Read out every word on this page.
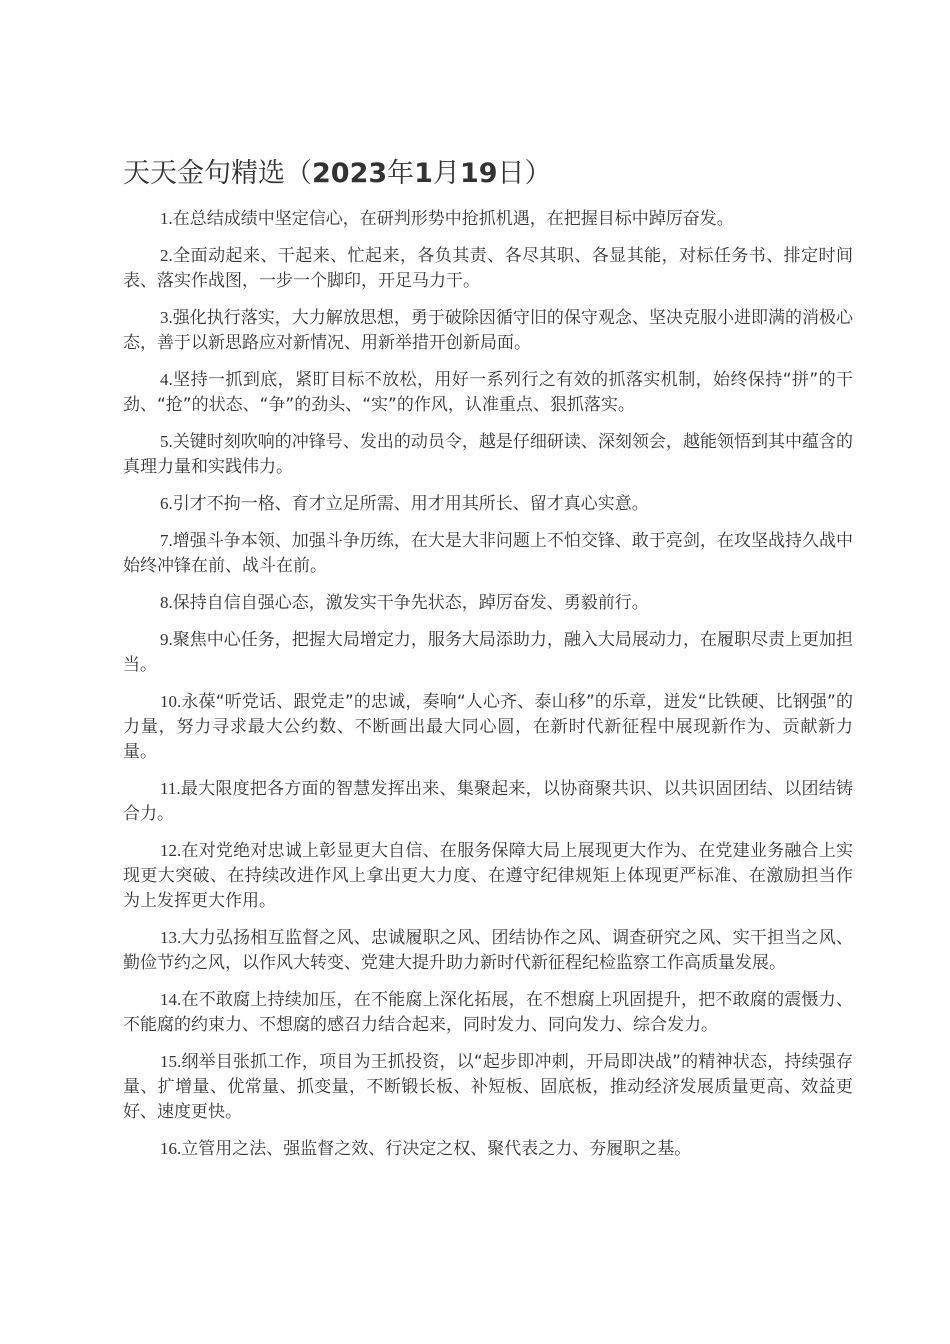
天天金句精选（2023年1月19日）

1.在总结成绩中坚定信心，在研判形势中抢抓机遇，在把握目标中踔厉奋发。

2.全面动起来、干起来、忙起来，各负其责、各尽其职、各显其能，对标任务书、排定时间表、落实作战图，一步一个脚印，开足马力干。

3.强化执行落实，大力解放思想，勇于破除因循守旧的保守观念、坚决克服小进即满的消极心态，善于以新思路应对新情况、用新举措开创新局面。

4.坚持一抓到底，紧盯目标不放松，用好一系列行之有效的抓落实机制，始终保持“拼”的干劲、“抢”的状态、“争”的劲头、“实”的作风，认准重点、狠抓落实。

5.关键时刻吹响的冲锋号、发出的动员令，越是仔细研读、深刻领会，越能领悟到其中蕴含的真理力量和实践伟力。

6.引才不拘一格、育才立足所需、用才用其所长、留才真心实意。

7.增强斗争本领、加强斗争历练，在大是大非问题上不怕交锋、敢于亮剑，在攻坚战持久战中始终冲锋在前、战斗在前。

8.保持自信自强心态，激发实干争先状态，踔厉奋发、勇毅前行。

9.聚焦中心任务，把握大局增定力，服务大局添助力，融入大局展动力，在履职尽责上更加担当。

10.永葆“听党话、跟党走”的忠诚，奏响“人心齐、泰山移”的乐章，迸发“比铁硬、比钢强”的力量，努力寻求最大公约数、不断画出最大同心圆，在新时代新征程中展现新作为、贡献新力量。

11.最大限度把各方面的智慧发挥出来、集聚起来，以协商聚共识、以共识固团结、以团结铸合力。

12.在对党绝对忠诚上彰显更大自信、在服务保障大局上展现更大作为、在党建业务融合上实现更大突破、在持续改进作风上拿出更大力度、在遵守纪律规矩上体现更严标准、在激励担当作为上发挥更大作用。

13.大力弘扬相互监督之风、忠诚履职之风、团结协作之风、调查研究之风、实干担当之风、勤俭节约之风，以作风大转变、党建大提升助力新时代新征程纪检监察工作高质量发展。

14.在不敢腐上持续加压，在不能腐上深化拓展，在不想腐上巩固提升，把不敢腐的震慑力、不能腐的约束力、不想腐的感召力结合起来，同时发力、同向发力、综合发力。

15.纲举目张抓工作，项目为王抓投资，以“起步即冲刺，开局即决战”的精神状态，持续强存量、扩增量、优常量、抓变量，不断锻长板、补短板、固底板，推动经济发展质量更高、效益更好、速度更快。

16.立管用之法、强监督之效、行决定之权、聚代表之力、夯履职之基。
